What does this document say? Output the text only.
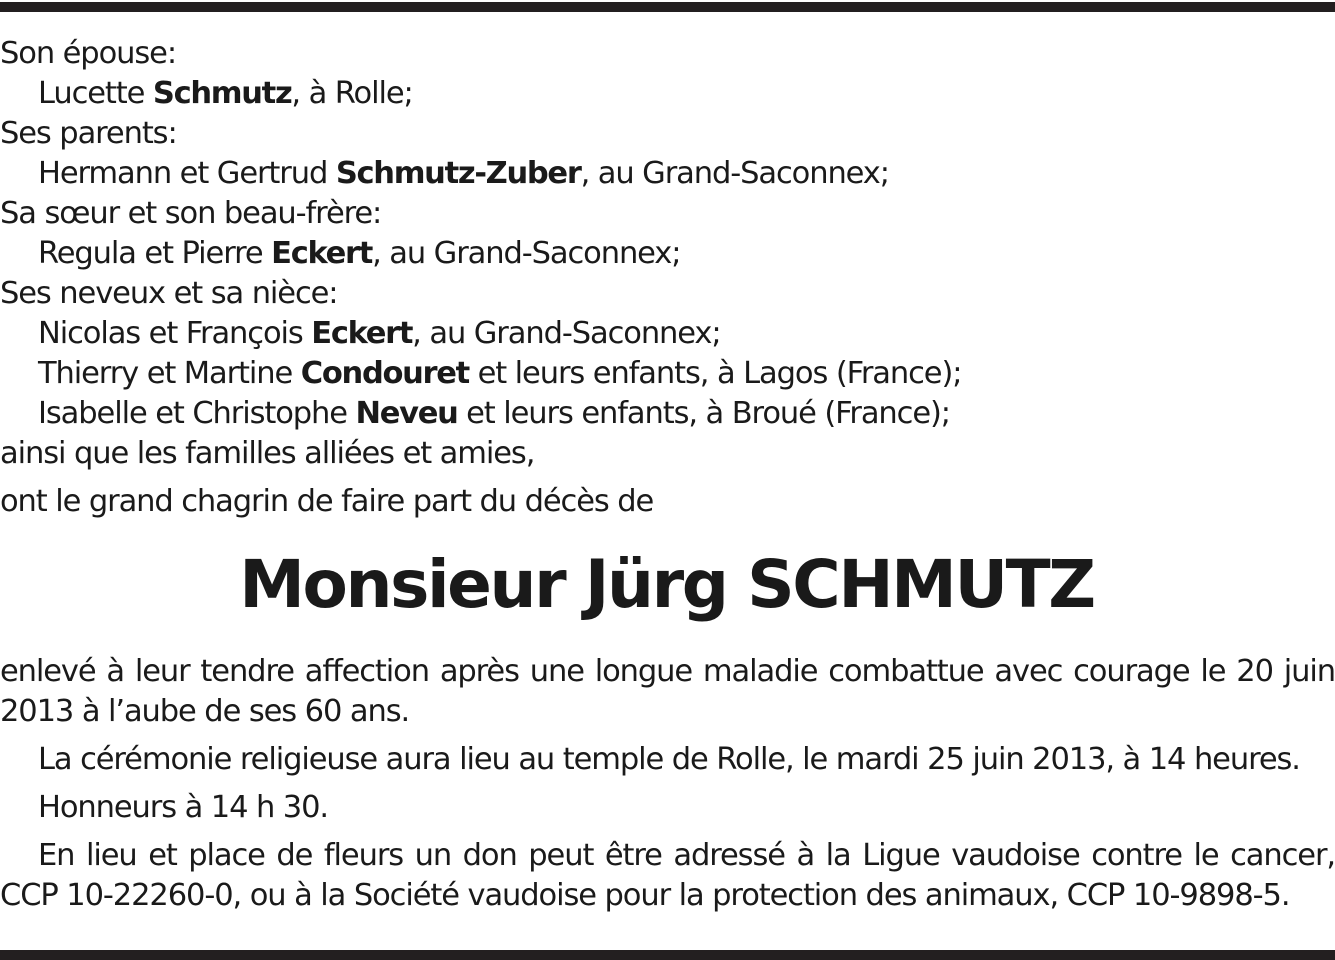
Son épouse:
Lucette Schmutz, à Rolle;
Ses parents:
Hermann et Gertrud Schmutz-Zuber, au Grand-Saconnex;
Sa sœur et son beau-frère:
Regula et Pierre Eckert, au Grand-Saconnex;
Ses neveux et sa nièce:
Nicolas et François Eckert, au Grand-Saconnex;
Thierry et Martine Condouret et leurs enfants, à Lagos (France);
Isabelle et Christophe Neveu et leurs enfants, à Broué (France);
ainsi que les familles alliées et amies,
ont le grand chagrin de faire part du décès de
Monsieur Jürg SCHMUTZ
enlevé à leur tendre affection après une longue maladie combattue avec courage le 20 juin 2013 à l’aube de ses 60 ans.
La cérémonie religieuse aura lieu au temple de Rolle, le mardi 25 juin 2013, à 14 heures.
Honneurs à 14 h 30.
En lieu et place de fleurs un don peut être adressé à la Ligue vaudoise contre le cancer, CCP 10-22260-0, ou à la Société vaudoise pour la protection des animaux, CCP 10-9898-5.
